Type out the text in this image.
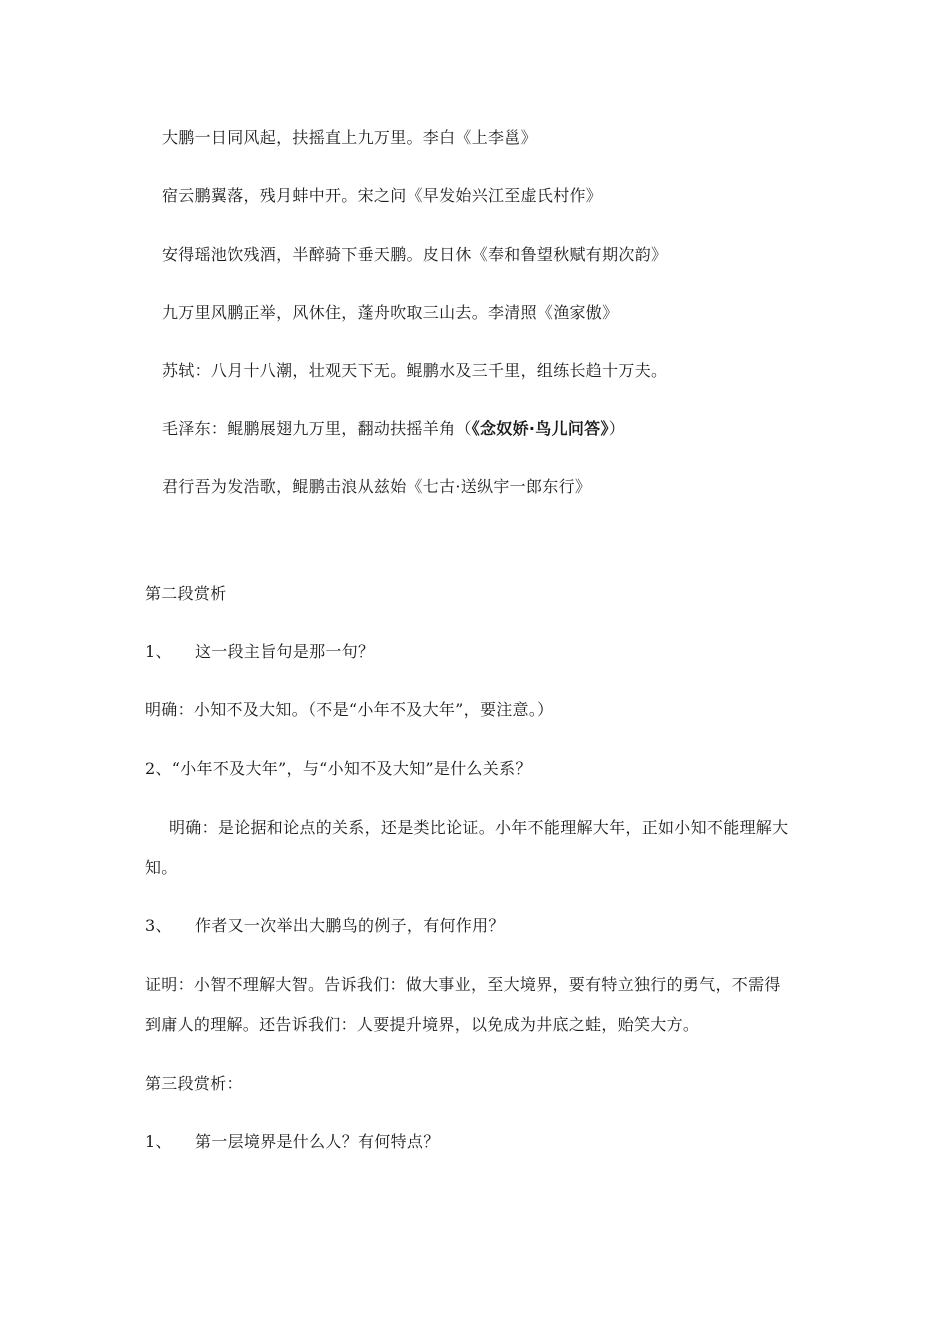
大鹏一日同风起，扶摇直上九万里。李白《上李邕》
宿云鹏翼落，残月蚌中开。宋之问《早发始兴江至虚氏村作》
安得瑶池饮残酒，半醉骑下垂天鹏。皮日休《奉和鲁望秋赋有期次韵》
九万里风鹏正举，风休住，蓬舟吹取三山去。李清照《渔家傲》
苏轼：八月十八潮，壮观天下无。鲲鹏水及三千里，组练长趋十万夫。
毛泽东：鲲鹏展翅九万里，翻动扶摇羊角（《念奴娇·鸟儿问答》）
君行吾为发浩歌，鲲鹏击浪从兹始《七古·送纵宇一郎东行》
第二段赏析
1、 这一段主旨句是那一句？
明确：小知不及大知。（不是“小年不及大年”，要注意。）
2、“小年不及大年”，与“小知不及大知”是什么关系？
明确：是论据和论点的关系，还是类比论证。小年不能理解大年，正如小知不能理解大
知。
3、 作者又一次举出大鹏鸟的例子，有何作用？
证明：小智不理解大智。告诉我们：做大事业，至大境界，要有特立独行的勇气，不需得
到庸人的理解。还告诉我们：人要提升境界，以免成为井底之蛙，贻笑大方。
第三段赏析：
1、 第一层境界是什么人？有何特点？
